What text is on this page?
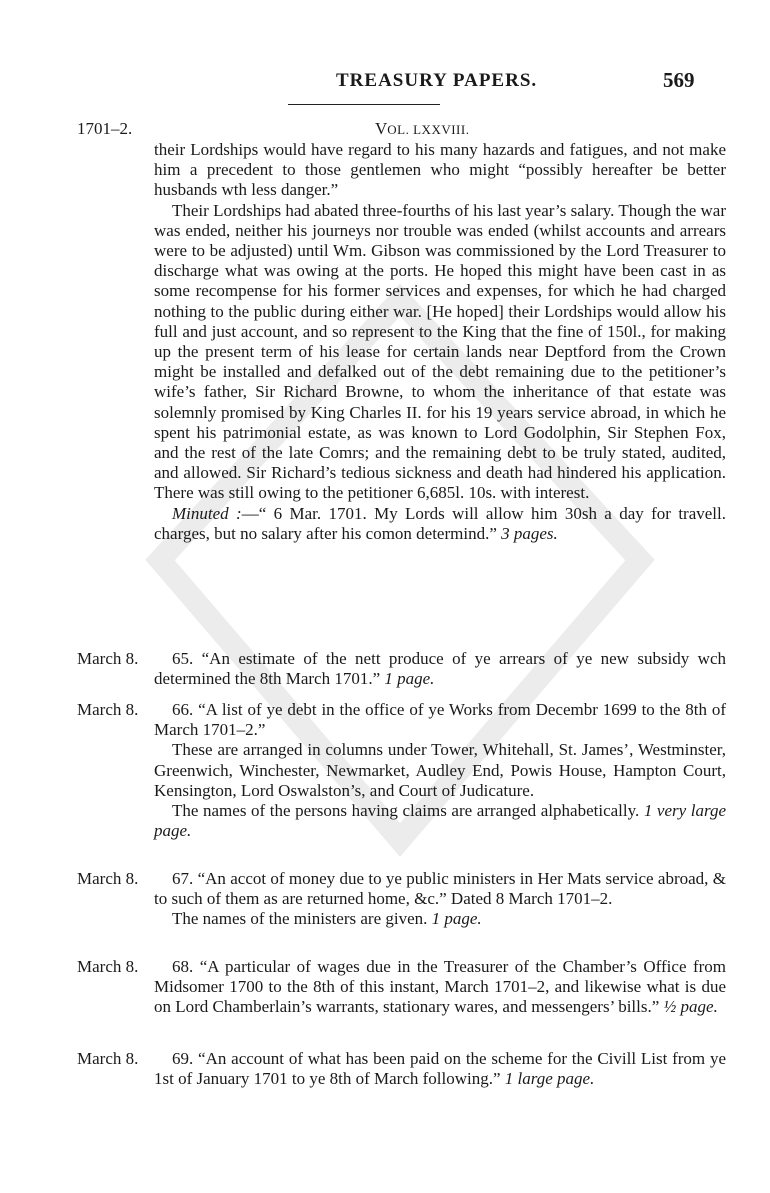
TREASURY PAPERS.	569
1701–2.	VOL. LXXVIII.

their Lordships would have regard to his many hazards and fatigues, and not make him a precedent to those gentlemen who might “possibly hereafter be better husbands wth less danger.”

Their Lordships had abated three-fourths of his last year’s salary. Though the war was ended, neither his journeys nor trouble was ended (whilst accounts and arrears were to be adjusted) until Wm. Gibson was commissioned by the Lord Treasurer to discharge what was owing at the ports. He hoped this might have been cast in as some recompense for his former services and expenses, for which he had charged nothing to the public during either war. [He hoped] their Lordships would allow his full and just account, and so represent to the King that the fine of 150l., for making up the present term of his lease for certain lands near Deptford from the Crown might be installed and defalked out of the debt remaining due to the petitioner’s wife’s father, Sir Richard Browne, to whom the inheritance of that estate was solemnly promised by King Charles II. for his 19 years service abroad, in which he spent his patrimonial estate, as was known to Lord Godolphin, Sir Stephen Fox, and the rest of the late Comrs; and the remaining debt to be truly stated, audited, and allowed. Sir Richard’s tedious sickness and death had hindered his application. There was still owing to the petitioner 6,685l. 10s. with interest.

Minuted :—“ 6 Mar. 1701. My Lords will allow him 30sh a day for travell. charges, but no salary after his comon determind.” 3 pages.

March 8.	65. “An estimate of the nett produce of ye arrears of ye new subsidy wch determined the 8th March 1701.” 1 page.

March 8.	66. “A list of ye debt in the office of ye Works from Decembr 1699 to the 8th of March 1701–2.”

These are arranged in columns under Tower, Whitehall, St. James’, Westminster, Greenwich, Winchester, Newmarket, Audley End, Powis House, Hampton Court, Kensington, Lord Oswalston’s, and Court of Judicature.

The names of the persons having claims are arranged alphabetically. 1 very large page.

March 8.	67. “An accot of money due to ye public ministers in Her Mats service abroad, & to such of them as are returned home, &c.” Dated 8 March 1701–2.

The names of the ministers are given. 1 page.

March 8.	68. “A particular of wages due in the Treasurer of the Chamber’s Office from Midsomer 1700 to the 8th of this instant, March 1701–2, and likewise what is due on Lord Chamberlain’s warrants, stationary wares, and messengers’ bills.” ½ page.

March 8.	69. “An account of what has been paid on the scheme for the Civill List from ye 1st of January 1701 to ye 8th of March following.” 1 large page.
